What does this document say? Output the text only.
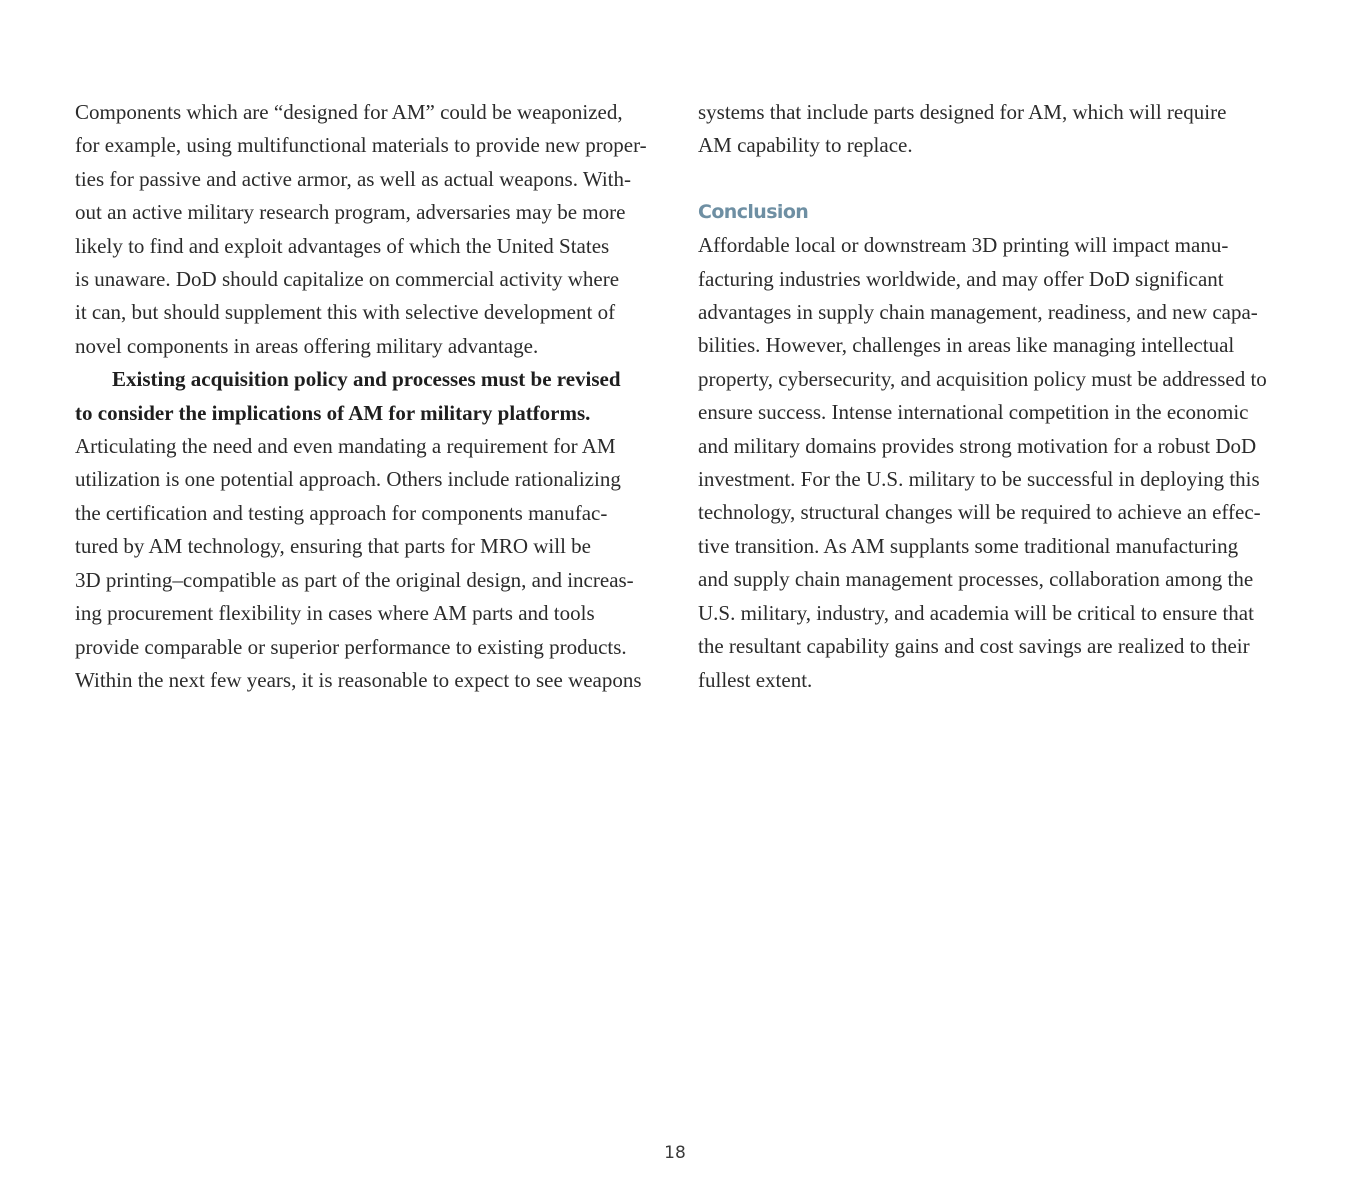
Components which are “designed for AM” could be weaponized,
for example, using multifunctional materials to provide new proper-
ties for passive and active armor, as well as actual weapons. With-
out an active military research program, adversaries may be more
likely to find and exploit advantages of which the United States
is unaware. DoD should capitalize on commercial activity where
it can, but should supplement this with selective development of
novel components in areas offering military advantage.
Existing acquisition policy and processes must be revised
to consider the implications of AM for military platforms.
Articulating the need and even mandating a requirement for AM
utilization is one potential approach. Others include rationalizing
the certification and testing approach for components manufac-
tured by AM technology, ensuring that parts for MRO will be
3D printing–compatible as part of the original design, and increas-
ing procurement flexibility in cases where AM parts and tools
provide comparable or superior performance to existing products.
Within the next few years, it is reasonable to expect to see weapons
systems that include parts designed for AM, which will require
AM capability to replace.
Conclusion
Affordable local or downstream 3D printing will impact manu-
facturing industries worldwide, and may offer DoD significant
advantages in supply chain management, readiness, and new capa-
bilities. However, challenges in areas like managing intellectual
property, cybersecurity, and acquisition policy must be addressed to
ensure success. Intense international competition in the economic
and military domains provides strong motivation for a robust DoD
investment. For the U.S. military to be successful in deploying this
technology, structural changes will be required to achieve an effec-
tive transition. As AM supplants some traditional manufacturing
and supply chain management processes, collaboration among the
U.S. military, industry, and academia will be critical to ensure that
the resultant capability gains and cost savings are realized to their
fullest extent.
18
